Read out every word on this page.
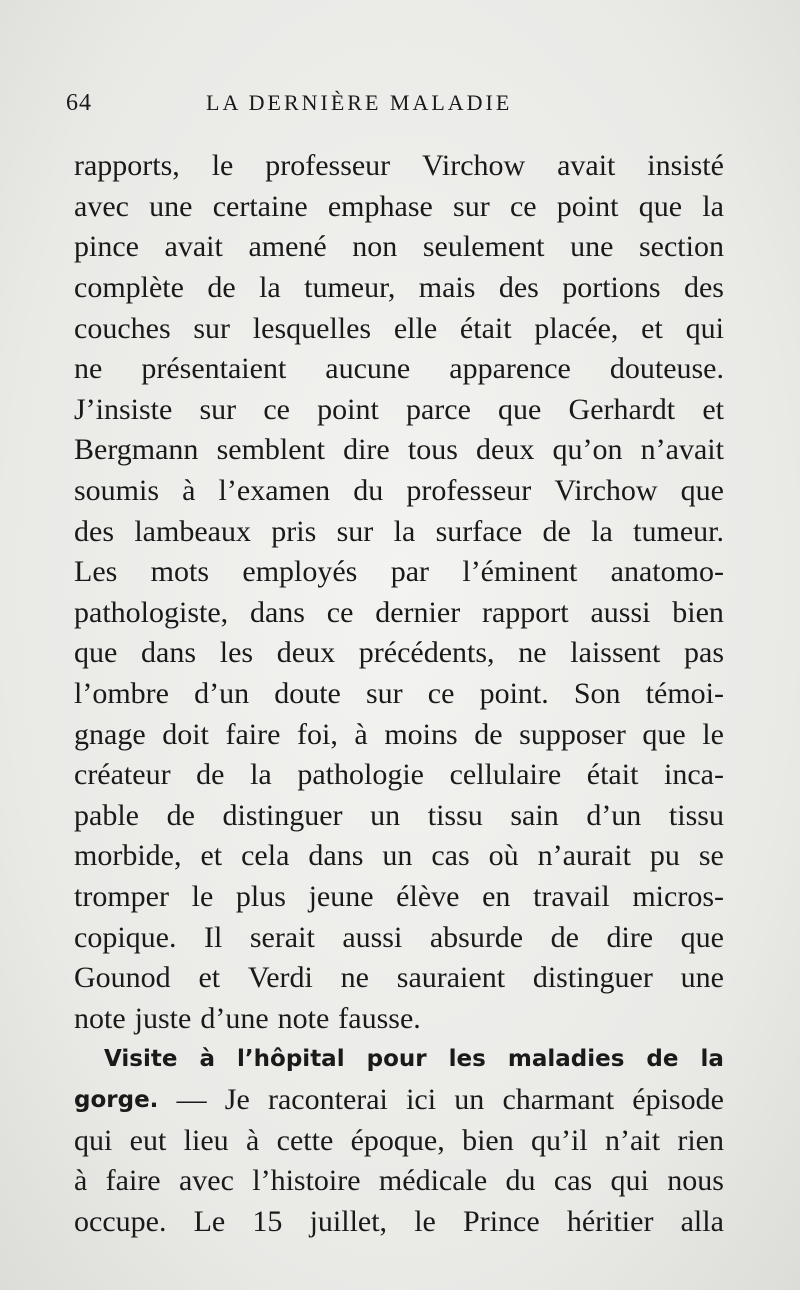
64	LA DERNIÈRE MALADIE
rapports, le professeur Virchow avait insisté
avec une certaine emphase sur ce point que la
pince avait amené non seulement une section
complète de la tumeur, mais des portions des
couches sur lesquelles elle était placée, et qui
ne présentaient aucune apparence douteuse.
J’insiste sur ce point parce que Gerhardt et
Bergmann semblent dire tous deux qu’on n’avait
soumis à l’examen du professeur Virchow que
des lambeaux pris sur la surface de la tumeur.
Les mots employés par l’éminent anatomo-
pathologiste, dans ce dernier rapport aussi bien
que dans les deux précédents, ne laissent pas
l’ombre d’un doute sur ce point. Son témoi-
gnage doit faire foi, à moins de supposer que le
créateur de la pathologie cellulaire était inca-
pable de distinguer un tissu sain d’un tissu
morbide, et cela dans un cas où n’aurait pu se
tromper le plus jeune élève en travail micros-
copique. Il serait aussi absurde de dire que
Gounod et Verdi ne sauraient distinguer une
note juste d’une note fausse.
Visite à l’hôpital pour les maladies de la
gorge. — Je raconterai ici un charmant épisode
qui eut lieu à cette époque, bien qu’il n’ait rien
à faire avec l’histoire médicale du cas qui nous
occupe. Le 15 juillet, le Prince héritier alla
